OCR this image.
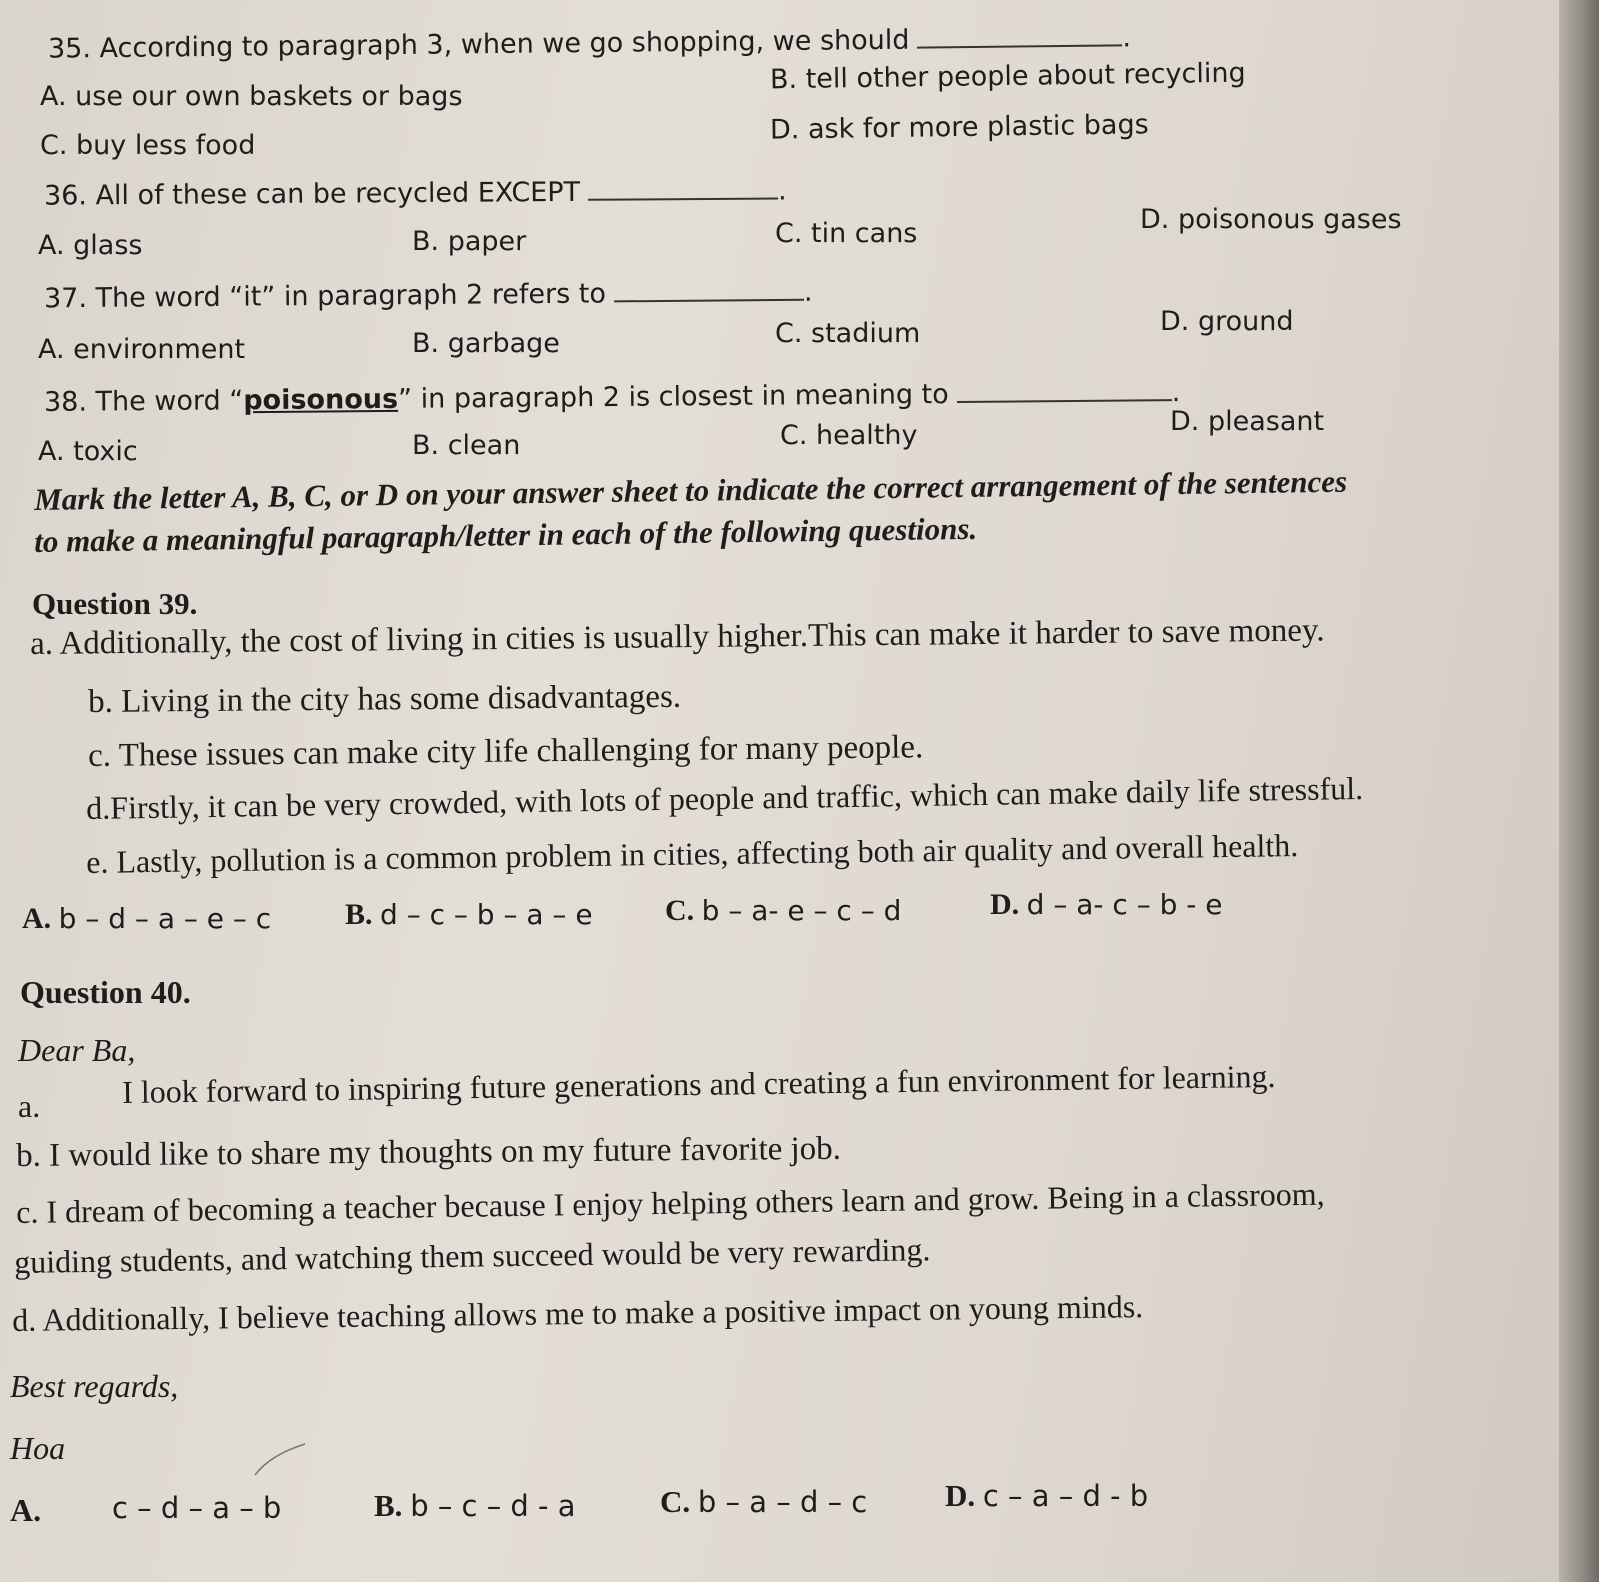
35. According to paragraph 3, when we go shopping, we should	.
A. use our own baskets or bags
B. tell other people about recycling
C. buy less food	D. ask for more plastic bags
36. All of these can be recycled EXCEPT	.
A. glass	B. paper	C. tin cans	D. poisonous gases
37. The word “it” in paragraph 2 refers to	.
A. environment	B. garbage	C. stadium	D. ground
38. The word “poisonous” in paragraph 2 is closest in meaning to	.
A. toxic	B. clean	C. healthy	D. pleasant
Mark the letter A, B, C, or D on your answer sheet to indicate the correct arrangement of the sentences
to make a meaningful paragraph/letter in each of the following questions.
Question 39.
a. Additionally, the cost of living in cities is usually higher.This can make it harder to save money.
b. Living in the city has some disadvantages.
c. These issues can make city life challenging for many people.
d.Firstly, it can be very crowded, with lots of people and traffic, which can make daily life stressful.
e. Lastly, pollution is a common problem in cities, affecting both air quality and overall health.
A. b – d – a – e – c B. d – c – b – a – e C. b – a- e – c – d	D. d – a- c – b - e
Question 40.
Dear Ba,
a.	I look forward to inspiring future generations and creating a fun environment for learning.
b. I would like to share my thoughts on my future favorite job.
c. I dream of becoming a teacher because I enjoy helping others learn and grow. Being in a classroom,
guiding students, and watching them succeed would be very rewarding.
d. Additionally, I believe teaching allows me to make a positive impact on young minds.
Best regards,
Hoa
A. c – d – a – b	B. b – c – d - a	C. b – a – d – c	D. c – a – d - b
